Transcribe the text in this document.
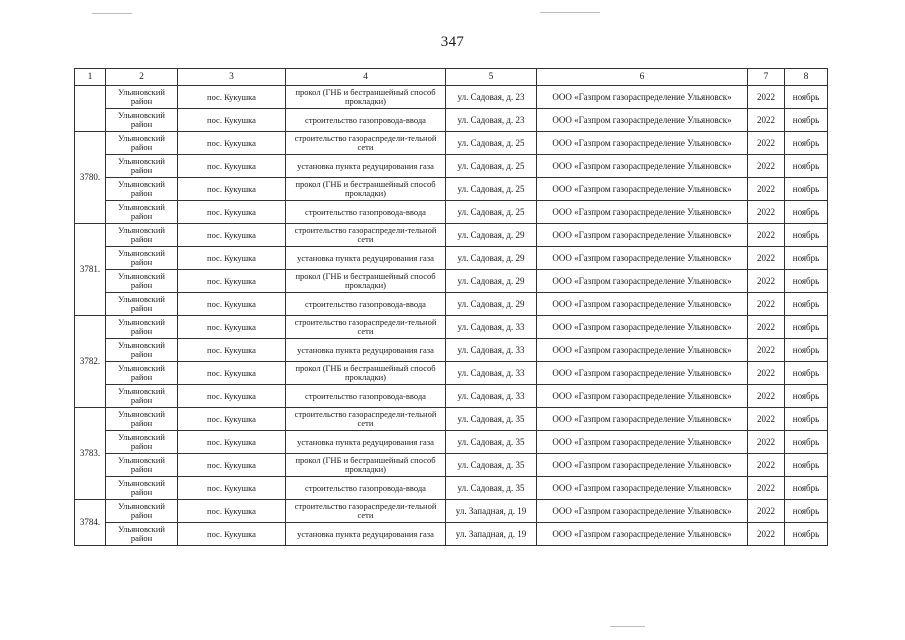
347
1	2	3	4	5	6	7	8
	Ульяновский район	пос. Кукушка	прокол (ГНБ и бестраншейный способ прокладки)	ул. Садовая, д. 23	ООО «Газпром газораспределение Ульяновск»	2022	ноябрь
	Ульяновский район	пос. Кукушка	строительство газопровода-ввода	ул. Садовая, д. 23	ООО «Газпром газораспределение Ульяновск»	2022	ноябрь
3780.	Ульяновский район	пос. Кукушка	строительство газораспредели-тельной сети	ул. Садовая, д. 25	ООО «Газпром газораспределение Ульяновск»	2022	ноябрь
	Ульяновский район	пос. Кукушка	установка пункта редуцирования газа	ул. Садовая, д. 25	ООО «Газпром газораспределение Ульяновск»	2022	ноябрь
	Ульяновский район	пос. Кукушка	прокол (ГНБ и бестраншейный способ прокладки)	ул. Садовая, д. 25	ООО «Газпром газораспределение Ульяновск»	2022	ноябрь
	Ульяновский район	пос. Кукушка	строительство газопровода-ввода	ул. Садовая, д. 25	ООО «Газпром газораспределение Ульяновск»	2022	ноябрь
3781.	Ульяновский район	пос. Кукушка	строительство газораспредели-тельной сети	ул. Садовая, д. 29	ООО «Газпром газораспределение Ульяновск»	2022	ноябрь
	Ульяновский район	пос. Кукушка	установка пункта редуцирования газа	ул. Садовая, д. 29	ООО «Газпром газораспределение Ульяновск»	2022	ноябрь
	Ульяновский район	пос. Кукушка	прокол (ГНБ и бестраншейный способ прокладки)	ул. Садовая, д. 29	ООО «Газпром газораспределение Ульяновск»	2022	ноябрь
	Ульяновский район	пос. Кукушка	строительство газопровода-ввода	ул. Садовая, д. 29	ООО «Газпром газораспределение Ульяновск»	2022	ноябрь
3782.	Ульяновский район	пос. Кукушка	строительство газораспредели-тельной сети	ул. Садовая, д. 33	ООО «Газпром газораспределение Ульяновск»	2022	ноябрь
	Ульяновский район	пос. Кукушка	установка пункта редуцирования газа	ул. Садовая, д. 33	ООО «Газпром газораспределение Ульяновск»	2022	ноябрь
	Ульяновский район	пос. Кукушка	прокол (ГНБ и бестраншейный способ прокладки)	ул. Садовая, д. 33	ООО «Газпром газораспределение Ульяновск»	2022	ноябрь
	Ульяновский район	пос. Кукушка	строительство газопровода-ввода	ул. Садовая, д. 33	ООО «Газпром газораспределение Ульяновск»	2022	ноябрь
3783.	Ульяновский район	пос. Кукушка	строительство газораспредели-тельной сети	ул. Садовая, д. 35	ООО «Газпром газораспределение Ульяновск»	2022	ноябрь
	Ульяновский район	пос. Кукушка	установка пункта редуцирования газа	ул. Садовая, д. 35	ООО «Газпром газораспределение Ульяновск»	2022	ноябрь
	Ульяновский район	пос. Кукушка	прокол (ГНБ и бестраншейный способ прокладки)	ул. Садовая, д. 35	ООО «Газпром газораспределение Ульяновск»	2022	ноябрь
	Ульяновский район	пос. Кукушка	строительство газопровода-ввода	ул. Садовая, д. 35	ООО «Газпром газораспределение Ульяновск»	2022	ноябрь
3784.	Ульяновский район	пос. Кукушка	строительство газораспредели-тельной сети	ул. Западная, д. 19	ООО «Газпром газораспределение Ульяновск»	2022	ноябрь
	Ульяновский район	пос. Кукушка	установка пункта редуцирования газа	ул. Западная, д. 19	ООО «Газпром газораспределение Ульяновск»	2022	ноябрь
